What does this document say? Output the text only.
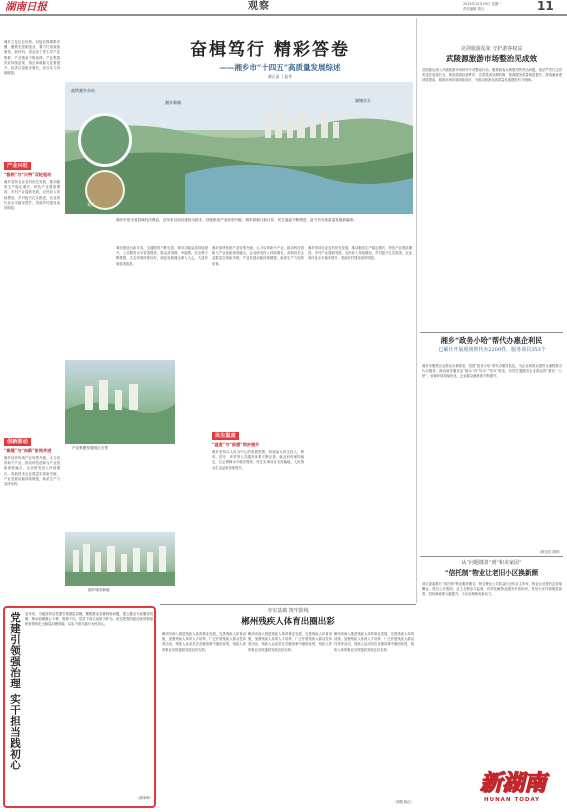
湖南日报	观察	2025年12月29日 星期一
责任编辑 周月	11
湘乡立足区位优势，对接长株潭都市圈，聚焦先进制造业，着力打造装备制造、新材料、食品加工等主导产业集群，产业链条不断延伸，产业集群效应持续显现，园区承载能力显著提升，经济总量稳步增长，综合实力持续增强。
产业兴旺
“稳根”与“兴特”双轮驱动
湘乡坚持农业农村优先发展，推动粮食生产稳定增长，特色产业提质增效，乡村产业蓬勃发展，农民收入持续增加，乡村振兴扎实推进，农业现代化水平稳步提升，美丽乡村建设成效明显。
创新驱动
“聚链”与“向新”协同并进
湘乡加快传统产业转型升级，大力培育新兴产业，推动科技创新与产业创新深度融合，企业研发投入持续增长，高新技术企业数量实现新突破，产业发展动能持续增强，新质生产力加快培育。
奋楫笃行 精彩答卷
——湘乡市“十四五”高质量发展综述
颜石园 丁振华
高铁湘乡东站
湘乡新城	湖城东方
景区
湘乡市是全省县域经济强县，近年来以项目建设为抓手，持续推动产业转型升级，城乡面貌日新月异，民生福祉不断增进，奋力书写高质量发展新篇章。
城市建设日新月异，交通网络不断完善，城市功能品质持续提升，公共服务水平显著提高，群众获得感、幸福感、安全感不断增强，生态环境持续向好，绿色发展理念深入人心，人居环境显著改善。
产业集聚发展园区全景
湘乡加快传统产业转型升级，大力培育新兴产业，推动科技创新与产业创新深度融合，企业研发投入持续增长，高新技术企业数量实现新突破，产业发展动能持续增强，新质生产力加快培育。
民生温度
“温度”与“质感”同步提升
湘乡坚持以人民为中心的发展思想，持续加大民生投入，教育、医疗、养老等公共服务体系不断完善，就业形势保持稳定，社会保障水平稳步提高，民生实事项目全面落地，人民群众生活品质持续提升。
湘乡坚持农业农村优先发展，推动粮食生产稳定增长，特色产业提质增效，乡村产业蓬勃发展，农民收入持续增加，乡村振兴扎实推进，农业现代化水平稳步提升，美丽乡村建设成效明显。
湘乡城市新貌
亮剑旅游乱象 守护游客权益
武陵源旅游市场整治见成效
武陵源区深入开展旅游市场秩序专项整治行动，聚焦游客反映强烈的突出问题，依法严厉打击各类违法违规行为，规范旅游经营秩序，完善投诉处理机制，旅游服务质量明显提升，游客满意度持续提高，旅游市场环境持续向好，为推动旅游业高质量发展提供有力保障。
湘乡“政务小哈”帮代办惠企利民
已累计开展现场帮代办2209件，服务项目353个
湘乡市聚焦企业群众办事需求，组建“政务小哈”帮代办服务队伍，为企业和群众提供全流程帮办代办服务，推动政务服务从“能办”向“好办”“快办”转变，有效打通服务企业群众的“最后一公里”，营商环境持续优化，企业群众满意度不断提升。
（颜石园 刘婷）
从“问题楼盘”到“和美家园”
“信托制”物业让老旧小区换新颜
该区探索推行“信托制”物业服务模式，物业费及公共收益归全体业主所有，物业企业按约定收取酬金，账目公开透明，业主全程参与监督，有效化解物业服务矛盾纠纷，老旧小区环境明显改善，居民满意度大幅提升，小区治理焕发新活力。
夯实基础 筑牢防线
郴州残疾人体育出圈出彩
郴州市深入推进残疾人体育事业发展，完善残疾人体育设施，加强残疾人体育人才培养，广泛开展残疾人群众性体育活动，残疾人运动员在各级赛事中屡创佳绩，残疾人体育事业呈现蓬勃发展良好态势。
郴州市深入推进残疾人体育事业发展，完善残疾人体育设施，加强残疾人体育人才培养，广泛开展残疾人群众性体育活动，残疾人运动员在各级赛事中屡创佳绩，残疾人体育事业呈现蓬勃发展良好态势。
郴州市深入推进残疾人体育事业发展，完善残疾人体育设施，加强残疾人体育人才培养，广泛开展残疾人群众性体育活动，残疾人运动员在各级赛事中屡创佳绩，残疾人体育事业呈现蓬勃发展良好态势。
（刘健 陈红）
党建引领强治理 实干担当践初心 近年来，当地坚持以党建引领基层治理，聚焦群众急难愁盼问题，建立健全为民服务机制，推动治理重心下移、资源下沉，党员干部主动担当作为，切实把党的政治优势和组织优势转化为基层治理效能，以实干担当践行为民初心。
（颜家晖）
新湖南
HUNAN TODAY
